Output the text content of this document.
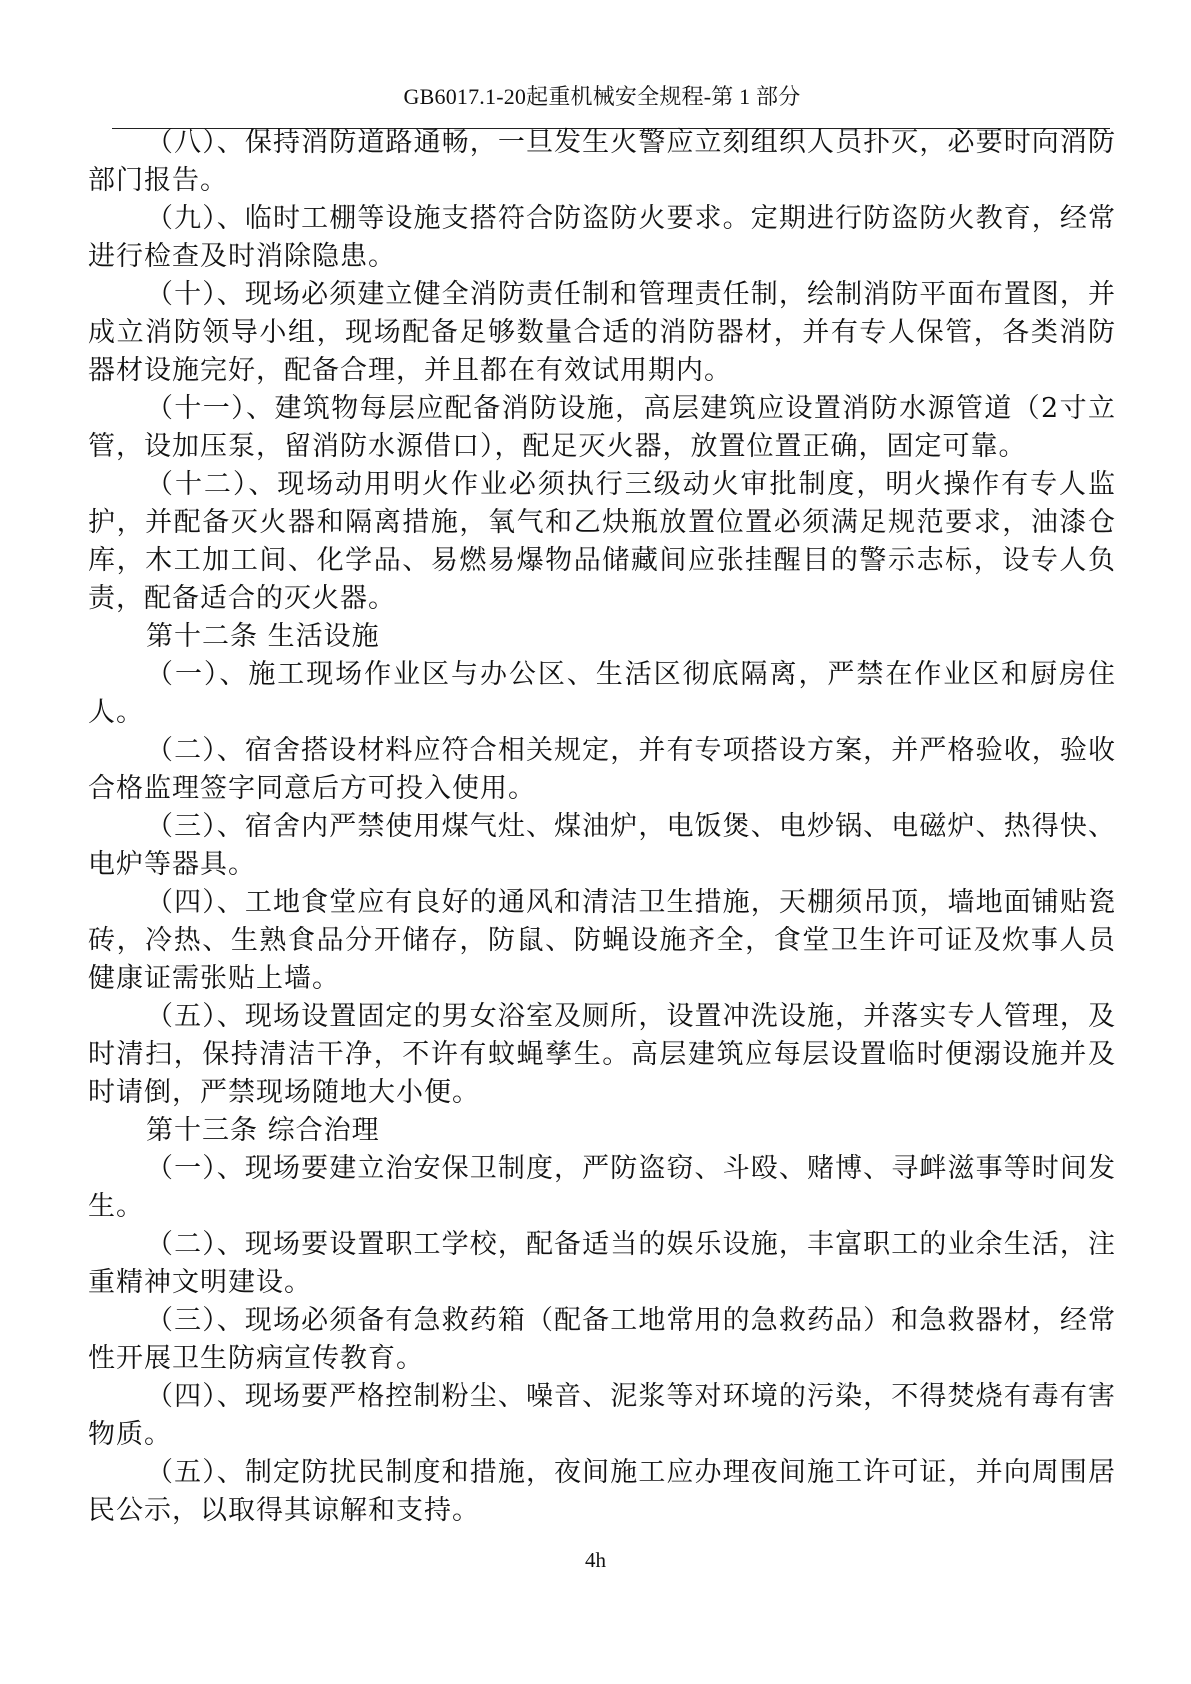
GB6017.1-20起重机械安全规程-第 1 部分

（八）、保持消防道路通畅，一旦发生火警应立刻组织人员扑灭，必要时向消防部门报告。

（九）、临时工棚等设施支搭符合防盗防火要求。定期进行防盗防火教育，经常进行检查及时消除隐患。

（十）、现场必须建立健全消防责任制和管理责任制，绘制消防平面布置图，并成立消防领导小组，现场配备足够数量合适的消防器材，并有专人保管，各类消防器材设施完好，配备合理，并且都在有效试用期内。

（十一）、建筑物每层应配备消防设施，高层建筑应设置消防水源管道（2寸立管，设加压泵，留消防水源借口），配足灭火器，放置位置正确，固定可靠。

（十二）、现场动用明火作业必须执行三级动火审批制度，明火操作有专人监护，并配备灭火器和隔离措施，氧气和乙炔瓶放置位置必须满足规范要求，油漆仓库，木工加工间、化学品、易燃易爆物品储藏间应张挂醒目的警示志标，设专人负责，配备适合的灭火器。

第十二条 生活设施

（一）、施工现场作业区与办公区、生活区彻底隔离，严禁在作业区和厨房住人。

（二）、宿舍搭设材料应符合相关规定，并有专项搭设方案，并严格验收，验收合格监理签字同意后方可投入使用。

（三）、宿舍内严禁使用煤气灶、煤油炉，电饭煲、电炒锅、电磁炉、热得快、电炉等器具。

（四）、工地食堂应有良好的通风和清洁卫生措施，天棚须吊顶，墙地面铺贴瓷砖，冷热、生熟食品分开储存，防鼠、防蝇设施齐全，食堂卫生许可证及炊事人员健康证需张贴上墙。

（五）、现场设置固定的男女浴室及厕所，设置冲洗设施，并落实专人管理，及时清扫，保持清洁干净，不许有蚊蝇孳生。高层建筑应每层设置临时便溺设施并及时请倒，严禁现场随地大小便。

第十三条 综合治理

（一）、现场要建立治安保卫制度，严防盗窃、斗殴、赌博、寻衅滋事等时间发生。

（二）、现场要设置职工学校，配备适当的娱乐设施，丰富职工的业余生活，注重精神文明建设。

（三）、现场必须备有急救药箱（配备工地常用的急救药品）和急救器材，经常性开展卫生防病宣传教育。

（四）、现场要严格控制粉尘、噪音、泥浆等对环境的污染，不得焚烧有毒有害物质。

（五）、制定防扰民制度和措施，夜间施工应办理夜间施工许可证，并向周围居民公示，以取得其谅解和支持。

4h
